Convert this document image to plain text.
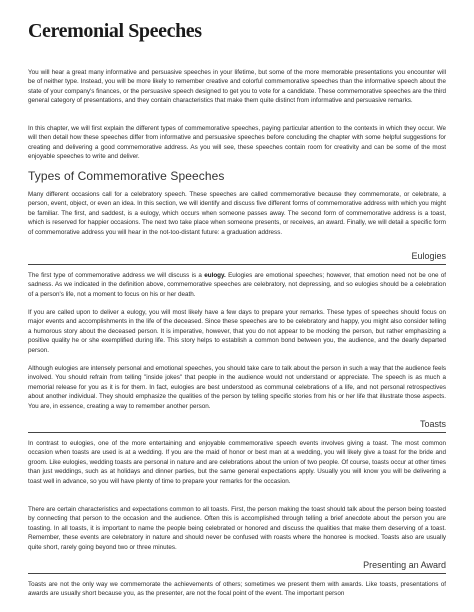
Ceremonial Speeches

You will hear a great many informative and persuasive speeches in your lifetime, but some of the more memorable presentations you encounter will be of neither type. Instead, you will be more likely to remember creative and colorful commemorative speeches than the informative speech about the state of your company's finances, or the persuasive speech designed to get you to vote for a candidate. These commemorative speeches are the third general category of presentations, and they contain characteristics that make them quite distinct from informative and persuasive remarks.

In this chapter, we will first explain the different types of commemorative speeches, paying particular attention to the contexts in which they occur. We will then detail how these speeches differ from informative and persuasive speeches before concluding the chapter with some helpful suggestions for creating and delivering a good commemorative address. As you will see, these speeches contain room for creativity and can be some of the most enjoyable speeches to write and deliver.

Types of Commemorative Speeches

Many different occasions call for a celebratory speech. These speeches are called commemorative because they commemorate, or celebrate, a person, event, object, or even an idea. In this section, we will identify and discuss five different forms of commemorative address with which you might be familiar. The first, and saddest, is a eulogy, which occurs when someone passes away. The second form of commemorative address is a toast, which is reserved for happier occasions. The next two take place when someone presents, or receives, an award. Finally, we will detail a specific form of commemorative address you will hear in the not-too-distant future: a graduation address.

Eulogies

The first type of commemorative address we will discuss is a eulogy. Eulogies are emotional speeches; however, that emotion need not be one of sadness. As we indicated in the definition above, commemorative speeches are celebratory, not depressing, and so eulogies should be a celebration of a person's life, not a moment to focus on his or her death.

If you are called upon to deliver a eulogy, you will most likely have a few days to prepare your remarks. These types of speeches should focus on major events and accomplishments in the life of the deceased. Since these speeches are to be celebratory and happy, you might also consider telling a humorous story about the deceased person. It is imperative, however, that you do not appear to be mocking the person, but rather emphasizing a positive quality he or she exemplified during life. This story helps to establish a common bond between you, the audience, and the dearly departed person.

Although eulogies are intensely personal and emotional speeches, you should take care to talk about the person in such a way that the audience feels involved. You should refrain from telling "inside jokes" that people in the audience would not understand or appreciate. The speech is as much a memorial release for you as it is for them. In fact, eulogies are best understood as communal celebrations of a life, and not personal retrospectives about another individual. They should emphasize the qualities of the person by telling specific stories from his or her life that illustrate those aspects. You are, in essence, creating a way to remember another person.

Toasts

In contrast to eulogies, one of the more entertaining and enjoyable commemorative speech events involves giving a toast. The most common occasion when toasts are used is at a wedding. If you are the maid of honor or best man at a wedding, you will likely give a toast for the bride and groom. Like eulogies, wedding toasts are personal in nature and are celebrations about the union of two people. Of course, toasts occur at other times than just weddings, such as at holidays and dinner parties, but the same general expectations apply. Usually you will know you will be delivering a toast well in advance, so you will have plenty of time to prepare your remarks for the occasion.

There are certain characteristics and expectations common to all toasts. First, the person making the toast should talk about the person being toasted by connecting that person to the occasion and the audience. Often this is accomplished through telling a brief anecdote about the person you are toasting. In all toasts, it is important to name the people being celebrated or honored and discuss the qualities that make them deserving of a toast. Remember, these events are celebratory in nature and should never be confused with roasts where the honoree is mocked. Toasts also are usually quite short, rarely going beyond two or three minutes.

Presenting an Award

Toasts are not the only way we commemorate the achievements of others; sometimes we present them with awards. Like toasts, presentations of awards are usually short because you, as the presenter, are not the focal point of the event. The important person
